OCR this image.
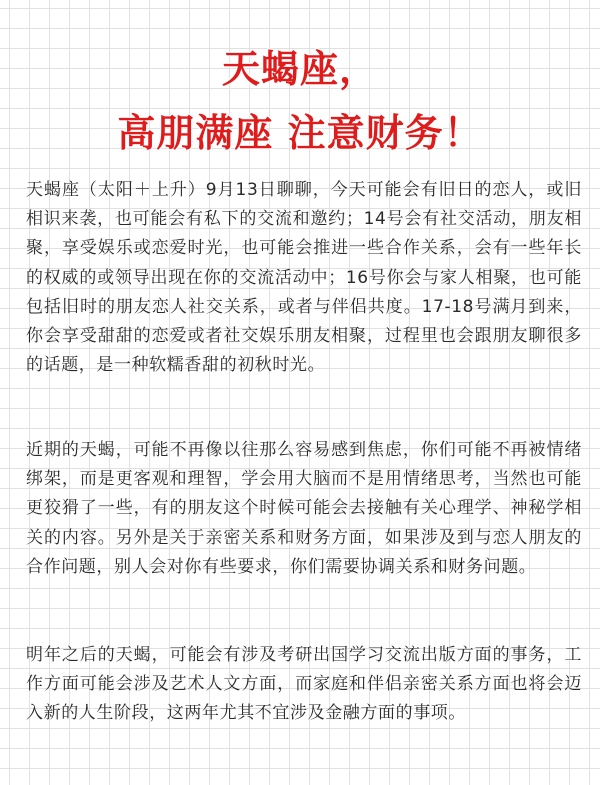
天蝎座，
高朋满座 注意财务！

天蝎座（太阳＋上升）9月13日聊聊，今天可能会有旧日的恋人，或旧相识来袭，也可能会有私下的交流和邀约；14号会有社交活动，朋友相聚，享受娱乐或恋爱时光，也可能会推进一些合作关系，会有一些年长的权威的或领导出现在你的交流活动中；16号你会与家人相聚，也可能包括旧时的朋友恋人社交关系，或者与伴侣共度。17-18号满月到来，你会享受甜甜的恋爱或者社交娱乐朋友相聚，过程里也会跟朋友聊很多的话题，是一种软糯香甜的初秋时光。

近期的天蝎，可能不再像以往那么容易感到焦虑，你们可能不再被情绪绑架，而是更客观和理智，学会用大脑而不是用情绪思考，当然也可能更狡猾了一些，有的朋友这个时候可能会去接触有关心理学、神秘学相关的内容。另外是关于亲密关系和财务方面，如果涉及到与恋人朋友的合作问题，别人会对你有些要求，你们需要协调关系和财务问题。

明年之后的天蝎，可能会有涉及考研出国学习交流出版方面的事务，工作方面可能会涉及艺术人文方面，而家庭和伴侣亲密关系方面也将会迈入新的人生阶段，这两年尤其不宜涉及金融方面的事项。
